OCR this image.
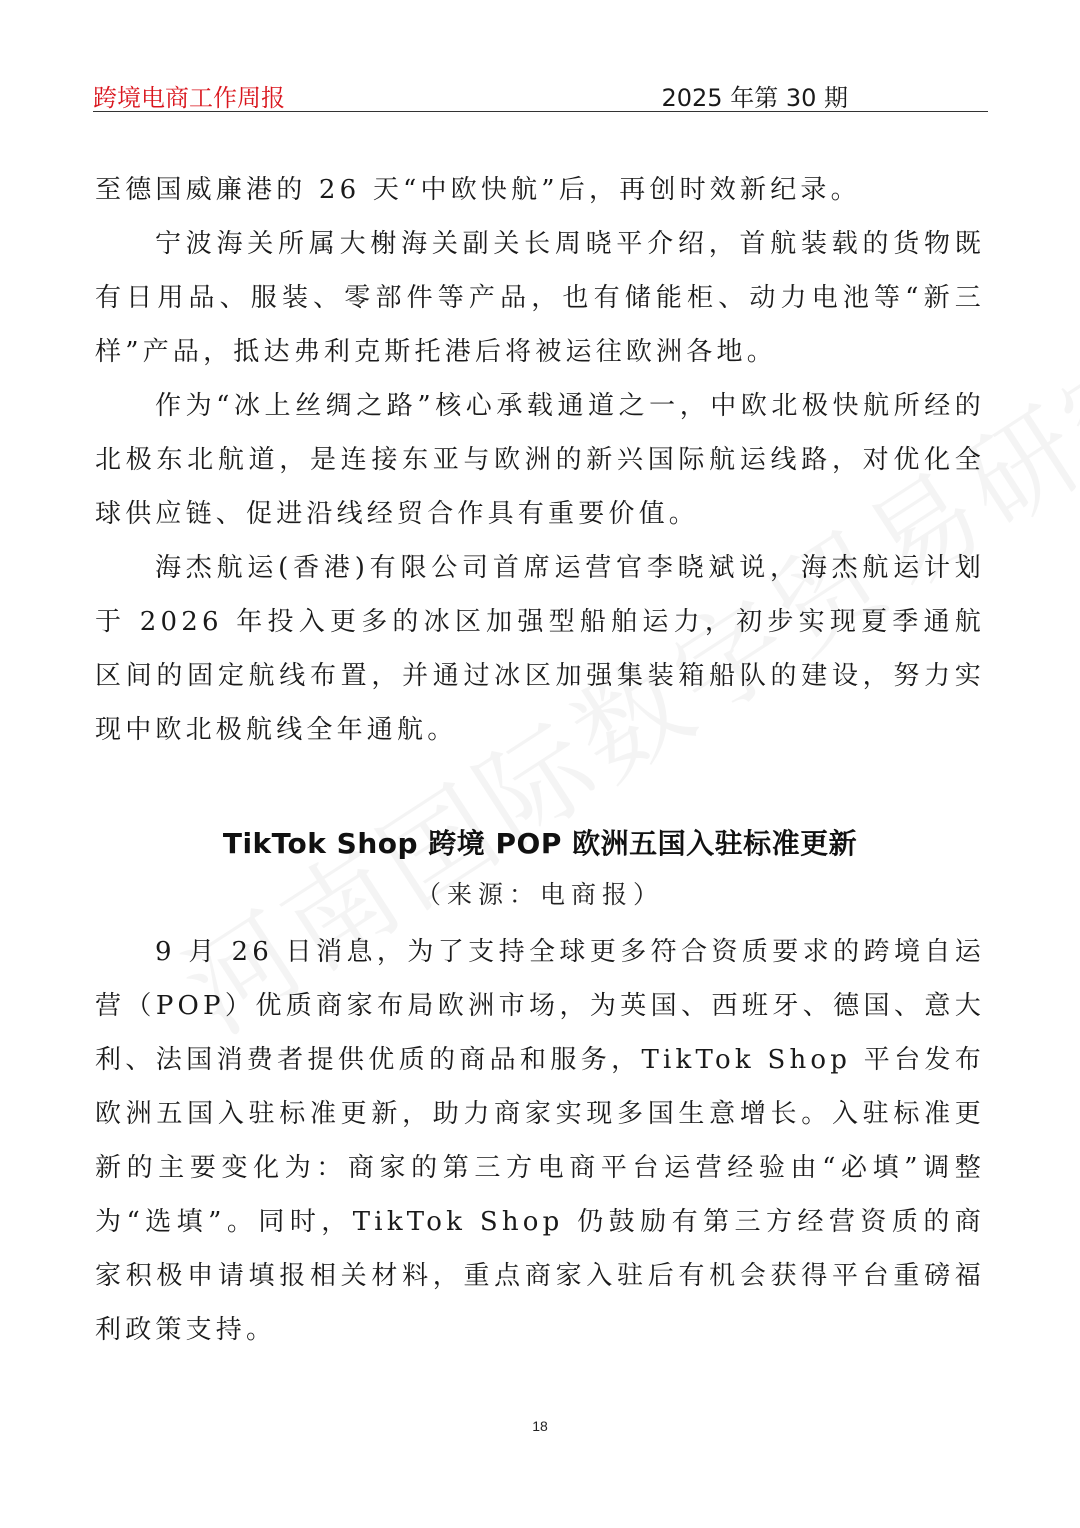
跨境电商工作周报	2025 年第 30 期

至德国威廉港的 26 天“中欧快航”后，再创时效新纪录。

宁波海关所属大榭海关副关长周晓平介绍，首航装载的货物既有日用品、服装、零部件等产品，也有储能柜、动力电池等“新三样”产品，抵达弗利克斯托港后将被运往欧洲各地。

作为“冰上丝绸之路”核心承载通道之一，中欧北极快航所经的北极东北航道，是连接东亚与欧洲的新兴国际航运线路，对优化全球供应链、促进沿线经贸合作具有重要价值。

海杰航运(香港)有限公司首席运营官李晓斌说，海杰航运计划于 2026 年投入更多的冰区加强型船舶运力，初步实现夏季通航区间的固定航线布置，并通过冰区加强集装箱船队的建设，努力实现中欧北极航线全年通航。

TikTok Shop 跨境 POP 欧洲五国入驻标准更新
（来源：电商报）

9 月 26 日消息，为了支持全球更多符合资质要求的跨境自运营（POP）优质商家布局欧洲市场，为英国、西班牙、德国、意大利、法国消费者提供优质的商品和服务，TikTok Shop 平台发布欧洲五国入驻标准更新，助力商家实现多国生意增长。入驻标准更新的主要变化为：商家的第三方电商平台运营经验由“必填”调整为“选填”。同时，TikTok Shop 仍鼓励有第三方经营资质的商家积极申请填报相关材料，重点商家入驻后有机会获得平台重磅福利政策支持。

18
